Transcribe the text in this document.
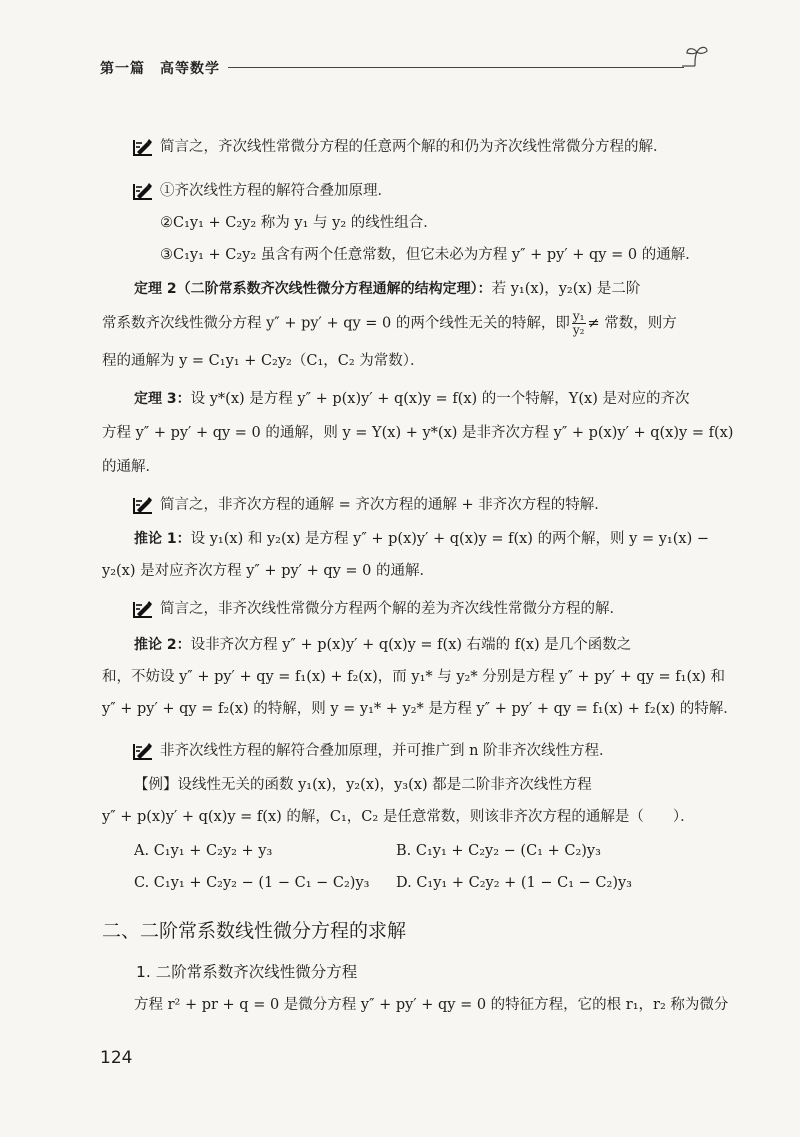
第一篇　高等数学
简言之，齐次线性常微分方程的任意两个解的和仍为齐次线性常微分方程的解．
①齐次线性方程的解符合叠加原理．
②C₁y₁ + C₂y₂ 称为 y₁ 与 y₂ 的线性组合．
③C₁y₁ + C₂y₂ 虽含有两个任意常数，但它未必为方程 y″ + py′ + qy = 0 的通解．
定理 2（二阶常系数齐次线性微分方程通解的结构定理）：若 y₁(x)，y₂(x) 是二阶
常系数齐次线性微分方程 y″ + py′ + qy = 0 的两个线性无关的特解，即 $\frac{\text{y₁}}{\text{y₂}}$ ≠ 常数，则方
程的通解为 y = C₁y₁ + C₂y₂（C₁，C₂ 为常数）．
定理 3：设 y*(x) 是方程 y″ + p(x)y′ + q(x)y = f(x) 的一个特解，Y(x) 是对应的齐次
方程 y″ + py′ + qy = 0 的通解，则 y = Y(x) + y*(x) 是非齐次方程 y″ + p(x)y′ + q(x)y = f(x)
的通解．
简言之，非齐次方程的通解 = 齐次方程的通解 + 非齐次方程的特解．
推论 1：设 y₁(x) 和 y₂(x) 是方程 y″ + p(x)y′ + q(x)y = f(x) 的两个解，则 y = y₁(x) −
y₂(x) 是对应齐次方程 y″ + py′ + qy = 0 的通解．
简言之，非齐次线性常微分方程两个解的差为齐次线性常微分方程的解．
推论 2：设非齐次方程 y″ + p(x)y′ + q(x)y = f(x) 右端的 f(x) 是几个函数之
和，不妨设 y″ + py′ + qy = f₁(x) + f₂(x)，而 y₁* 与 y₂* 分别是方程 y″ + py′ + qy = f₁(x) 和
y″ + py′ + qy = f₂(x) 的特解，则 y = y₁* + y₂* 是方程 y″ + py′ + qy = f₁(x) + f₂(x) 的特解．
非齐次线性方程的解符合叠加原理，并可推广到 n 阶非齐次线性方程．
【例】设线性无关的函数 y₁(x)，y₂(x)，y₃(x) 都是二阶非齐次线性方程
y″ + p(x)y′ + q(x)y = f(x) 的解，C₁，C₂ 是任意常数，则该非齐次方程的通解是（　　）．
A. C₁y₁ + C₂y₂ + y₃	B. C₁y₁ + C₂y₂ − (C₁ + C₂)y₃
C. C₁y₁ + C₂y₂ − (1 − C₁ − C₂)y₃ D. C₁y₁ + C₂y₂ + (1 − C₁ − C₂)y₃
二、二阶常系数线性微分方程的求解
1. 二阶常系数齐次线性微分方程
方程 r² + pr + q = 0 是微分方程 y″ + py′ + qy = 0 的特征方程，它的根 r₁，r₂ 称为微分
124
